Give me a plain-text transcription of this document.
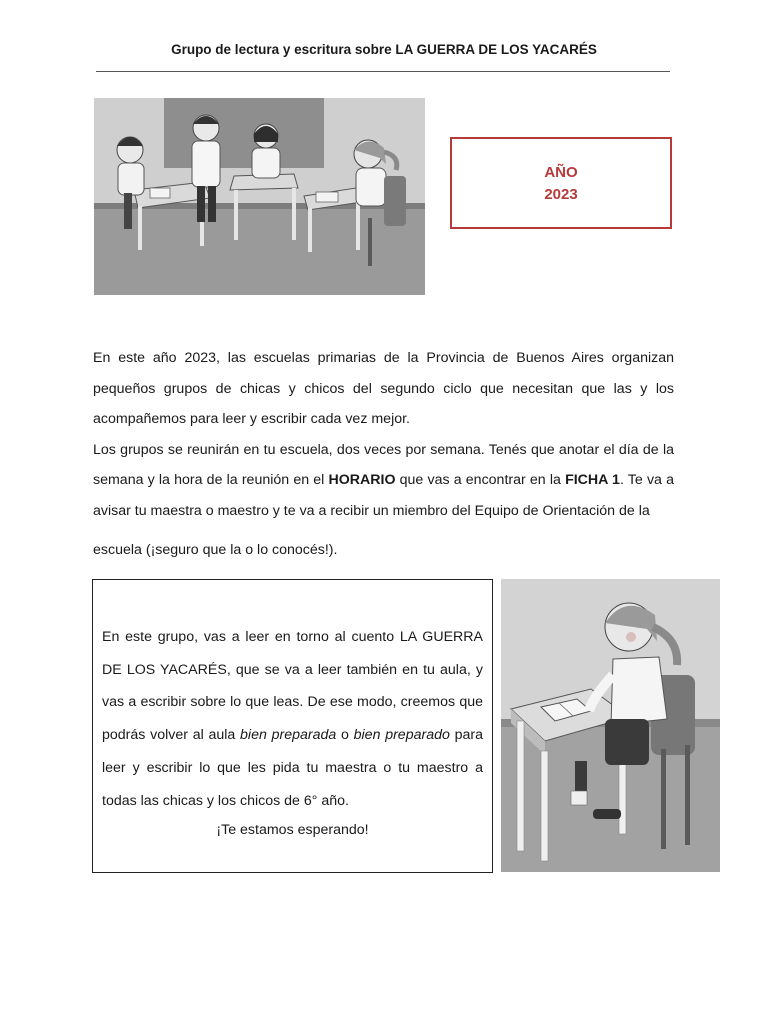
Grupo de lectura y escritura sobre LA GUERRA DE LOS YACARÉS
AÑO
2023

En este año 2023, las escuelas primarias de la Provincia de Buenos Aires organizan pequeños grupos de chicas y chicos del segundo ciclo que necesitan que las y los acompañemos para leer y escribir cada vez mejor.

Los grupos se reunirán en tu escuela, dos veces por semana. Tenés que anotar el día de la semana y la hora de la reunión en el HORARIO que vas a encontrar en la FICHA 1. Te va a avisar tu maestra o maestro y te va a recibir un miembro del Equipo de Orientación de la

escuela (¡seguro que la o lo conocés!).

En este grupo, vas a leer en torno al cuento LA GUERRA DE LOS YACARÉS, que se va a leer también en tu aula, y vas a escribir sobre lo que leas. De ese modo, creemos que podrás volver al aula bien preparada o bien preparado para leer y escribir lo que les pida tu maestra o tu maestro a todas las chicas y los chicos de 6° año.

¡Te estamos esperando!
